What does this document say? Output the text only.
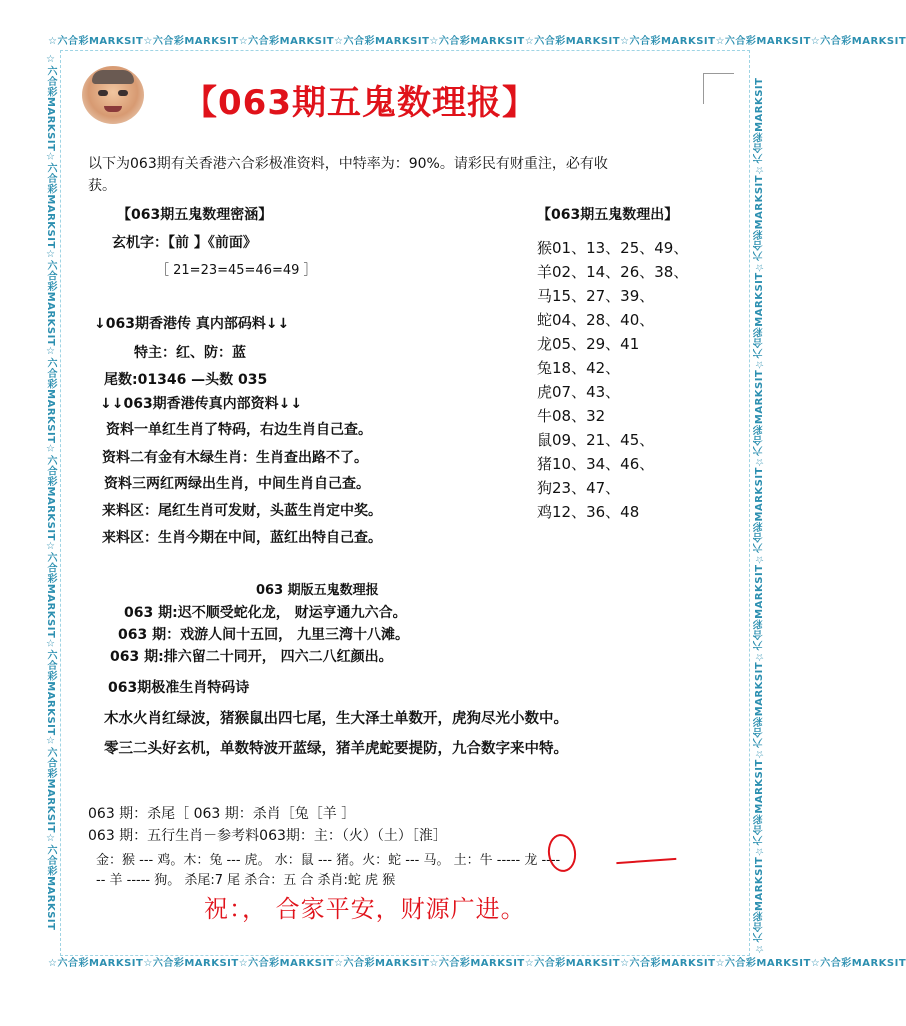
☆六合彩MARKSIT☆六合彩MARKSIT☆六合彩MARKSIT☆六合彩MARKSIT☆六合彩MARKSIT☆六合彩MARKSIT☆六合彩MARKSIT☆六合彩MARKSIT☆六合彩MARKSIT
☆六合彩MARKSIT☆六合彩MARKSIT☆六合彩MARKSIT☆六合彩MARKSIT☆六合彩MARKSIT☆六合彩MARKSIT☆六合彩MARKSIT☆六合彩MARKSIT☆六合彩MARKSIT
☆六合彩MARKSIT☆六合彩MARKSIT☆六合彩MARKSIT☆六合彩MARKSIT☆六合彩MARKSIT☆六合彩MARKSIT☆六合彩MARKSIT☆六合彩MARKSIT☆六合彩MARKSIT	☆六合彩MARKSIT☆六合彩MARKSIT☆六合彩MARKSIT☆六合彩MARKSIT☆六合彩MARKSIT☆六合彩MARKSIT☆六合彩MARKSIT☆六合彩MARKSIT☆六合彩MARKSIT
【063期五鬼数理报】
以下为063期有关香港六合彩极准资料，中特率为：90%。请彩民有财重注，必有收
获。
【063期五鬼数理密涵】
玄机字：【前 】《前面》
［ 21=23=45=46=49 ］
↓063期香港传 真内部码料↓↓
特主：红、防：蓝
尾数:01346 —头数 035
↓↓063期香港传真内部资料↓↓
资料一单红生肖了特码，右边生肖自己查。
资料二有金有木绿生肖：生肖查出路不了。
资料三两红两绿出生肖，中间生肖自己查。
来料区：尾红生肖可发财，头蓝生肖定中奖。
来料区：生肖今期在中间，蓝红出特自己查。
【063期五鬼数理出】
猴01、13、25、49、
羊02、14、26、38、
马15、27、39、
蛇04、28、40、
龙05、29、41
兔18、42、
虎07、43、
牛08、32
鼠09、21、45、
猪10、34、46、
狗23、47、
鸡12、36、48
063 期版五鬼数理报
063 期:迟不顺受蛇化龙， 财运亨通九六合。
063 期：戏游人间十五回， 九里三湾十八滩。
063 期:排六留二十同开， 四六二八红颜出。
063期极准生肖特码诗
木水火肖红绿波，猪猴鼠出四七尾，生大泽土单数开，虎狗尽光小数中。
零三二头好玄机，单数特波开蓝绿，猪羊虎蛇要提防，九合数字来中特。
063 期：杀尾［ 063 期：杀肖［兔［羊 ］
063 期：五行生肖－参考料063期：主：（火）（土）［淮］
金：猴 --- 鸡。木：兔 --- 虎。 水：鼠 --- 猪。火：蛇 --- 马。 土：牛 ----- 龙 ----
-- 羊 ----- 狗。 杀尾:7 尾 杀合：五 合 杀肖:蛇 虎 猴
祝：， 合家平安，财源广进。
